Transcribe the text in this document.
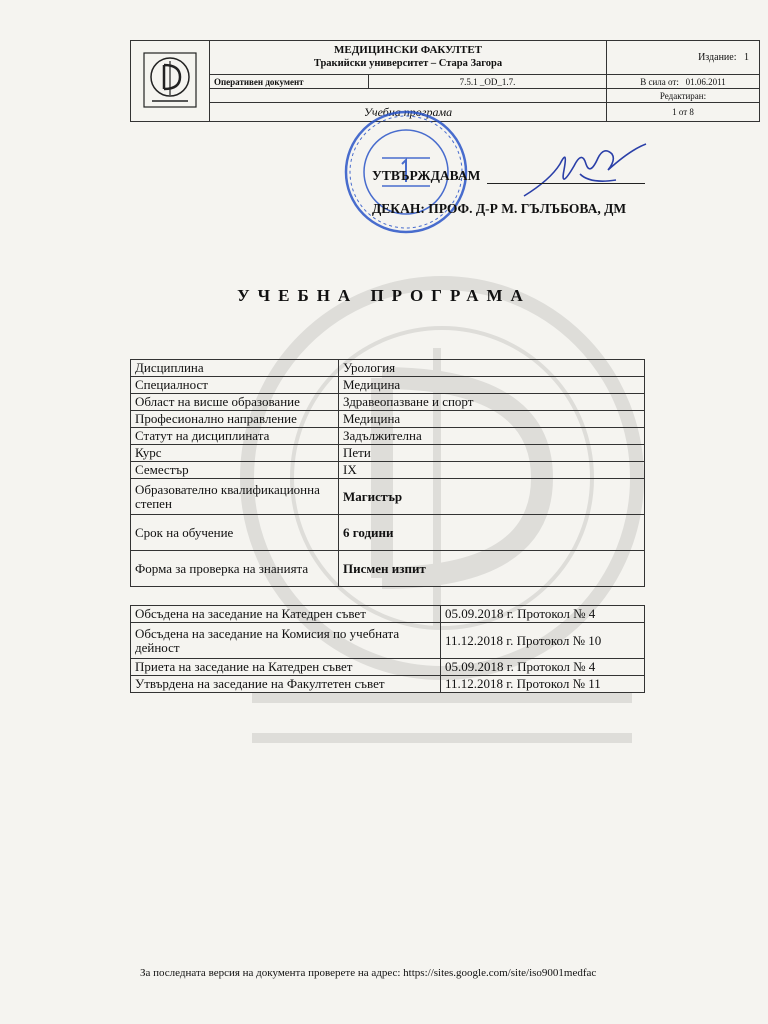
МЕДИЦИНСКИ ФАКУЛТЕТ
Тракийски университет – Стара Загора		Издание: 1
	Оперативен документ	7.5.1 _OD_1.7.	В сила от: 01.06.2011
			Редактиран:
	Учебна програма		1 от 8
УТВЪРЖДАВАМ
ДЕКАН: ПРОФ. Д-Р М. ГЪЛЪБОВА, ДМ
УЧЕБНА ПРОГРАМА
Дисциплина	Урология
Специалност	Медицина
Област на висше образование	Здравеопазване и спорт
Професионално направление	Медицина
Статут на дисциплината	Задължителна
Курс	Пети
Семестър	IX
Образователно квалификационна степен	Магистър
Срок на обучение	6 години
Форма за проверка на знанията	Писмен изпит
Обсъдена на заседание на Катедрен съвет	05.09.2018 г. Протокол № 4
Обсъдена на заседание на Комисия по учебната дейност	11.12.2018 г. Протокол № 10
Приета на заседание на Катедрен съвет	05.09.2018 г. Протокол № 4
Утвърдена на заседание на Факултетен съвет	11.12.2018 г. Протокол № 11
За последната версия на документа проверете на адрес: https://sites.google.com/site/iso9001medfac
